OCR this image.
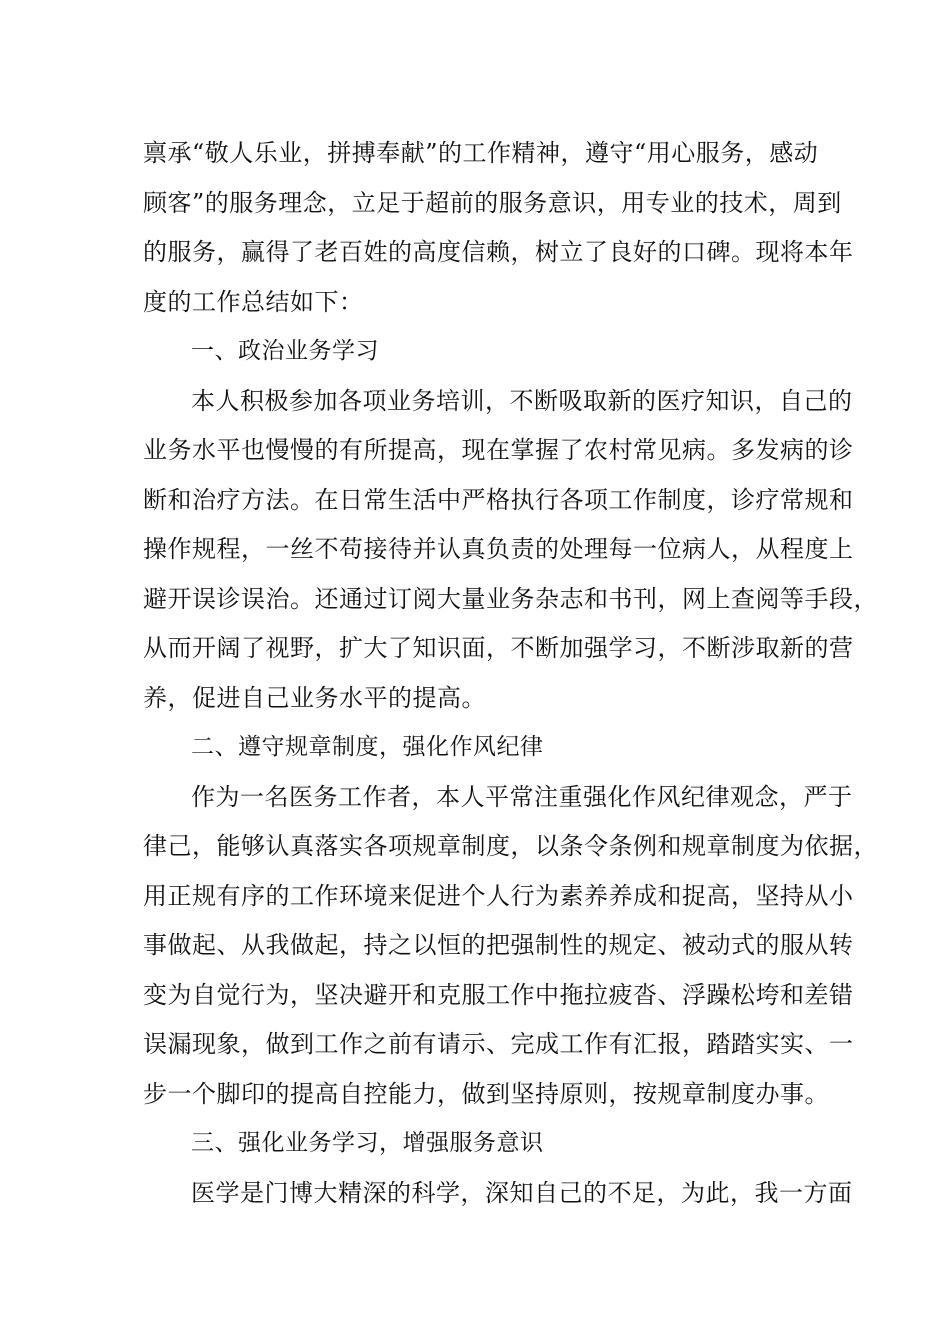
禀承“敬人乐业，拼搏奉献”的工作精神，遵守“用心服务，感动
顾客”的服务理念，立足于超前的服务意识，用专业的技术，周到
的服务，赢得了老百姓的高度信赖，树立了良好的口碑。现将本年
度的工作总结如下：
一、政治业务学习
本人积极参加各项业务培训，不断吸取新的医疗知识，自己的
业务水平也慢慢的有所提高，现在掌握了农村常见病。多发病的诊
断和治疗方法。在日常生活中严格执行各项工作制度，诊疗常规和
操作规程，一丝不苟接待并认真负责的处理每一位病人，从程度上
避开误诊误治。还通过订阅大量业务杂志和书刊，网上查阅等手段，
从而开阔了视野，扩大了知识面，不断加强学习，不断涉取新的营
养，促进自己业务水平的提高。
二、遵守规章制度，强化作风纪律
作为一名医务工作者，本人平常注重强化作风纪律观念，严于
律己，能够认真落实各项规章制度，以条令条例和规章制度为依据，
用正规有序的工作环境来促进个人行为素养养成和捉高，坚持从小
事做起、从我做起，持之以恒的把强制性的规定、被动式的服从转
变为自觉行为，坚决避开和克服工作中拖拉疲沓、浮躁松垮和差错
误漏现象，做到工作之前有请示、完成工作有汇报，踏踏实实、一
步一个脚印的提高自控能力，做到坚持原则，按规章制度办事。
三、强化业务学习，增强服务意识
医学是门博大精深的科学，深知自己的不足，为此，我一方面
